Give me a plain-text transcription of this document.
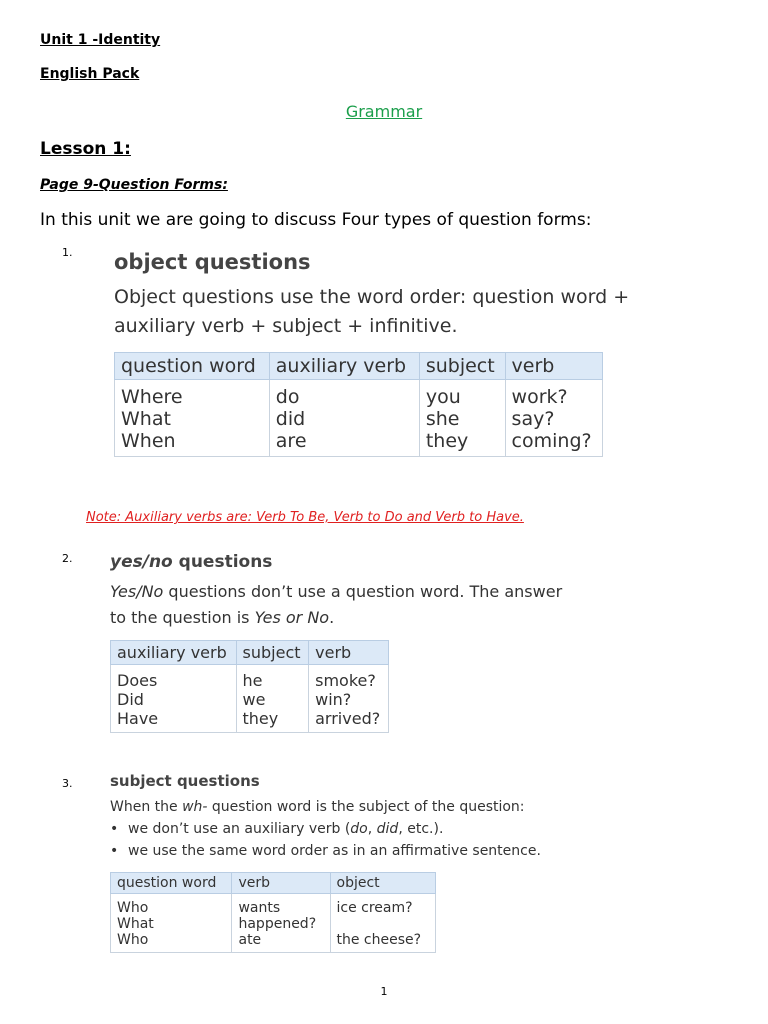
Unit 1 -Identity
English Pack
Grammar
Lesson 1:
Page 9-Question Forms:
In this unit we are going to discuss Four types of question forms:
1. object questions
Object questions use the word order: question word + auxiliary verb + subject + infinitive.
question word	auxiliary verb	subject	verb
Where	do	you	work?
What	did	she	say?
When	are	they	coming?
Note: Auxiliary verbs are: Verb To Be, Verb to Do and Verb to Have.
2. yes/no questions
Yes/No questions don’t use a question word. The answer
to the question is Yes or No.
auxiliary verb	subject	verb
Does	he	smoke?
Did	we	win?
Have	they	arrived?
3.	subject questions
When the wh- question word is the subject of the question:
• we don’t use an auxiliary verb (do, did, etc.).
• we use the same word order as in an affirmative sentence.
question word	verb	object
Who	wants	ice cream?
What	happened?	
Who	ate	the cheese?
1
